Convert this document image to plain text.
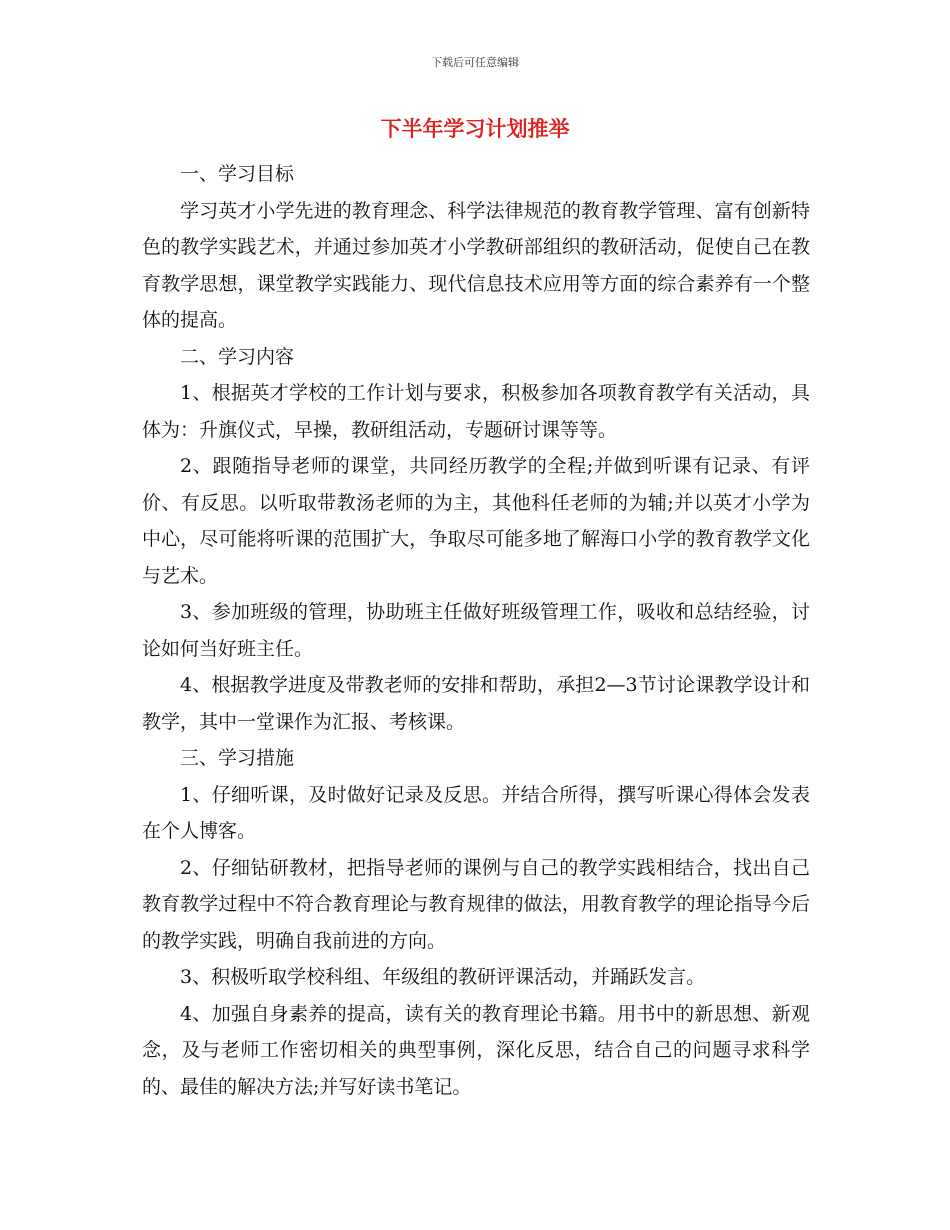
下载后可任意编辑
下半年学习计划推举

一、学习目标

学习英才小学先进的教育理念、科学法律规范的教育教学管理、富有创新特色的教学实践艺术，并通过参加英才小学教研部组织的教研活动，促使自己在教育教学思想，课堂教学实践能力、现代信息技术应用等方面的综合素养有一个整体的提高。

二、学习内容

1、根据英才学校的工作计划与要求，积极参加各项教育教学有关活动，具体为：升旗仪式，早操，教研组活动，专题研讨课等等。

2、跟随指导老师的课堂，共同经历教学的全程;并做到听课有记录、有评价、有反思。以听取带教汤老师的为主，其他科任老师的为辅;并以英才小学为中心，尽可能将听课的范围扩大，争取尽可能多地了解海口小学的教育教学文化与艺术。

3、参加班级的管理，协助班主任做好班级管理工作，吸收和总结经验，讨论如何当好班主任。

4、根据教学进度及带教老师的安排和帮助，承担2—3节讨论课教学设计和教学，其中一堂课作为汇报、考核课。

三、学习措施

1、仔细听课，及时做好记录及反思。并结合所得，撰写听课心得体会发表在个人博客。

2、仔细钻研教材，把指导老师的课例与自己的教学实践相结合，找出自己教育教学过程中不符合教育理论与教育规律的做法，用教育教学的理论指导今后的教学实践，明确自我前进的方向。

3、积极听取学校科组、年级组的教研评课活动，并踊跃发言。

4、加强自身素养的提高，读有关的教育理论书籍。用书中的新思想、新观念，及与老师工作密切相关的典型事例，深化反思，结合自己的问题寻求科学的、最佳的解决方法;并写好读书笔记。
